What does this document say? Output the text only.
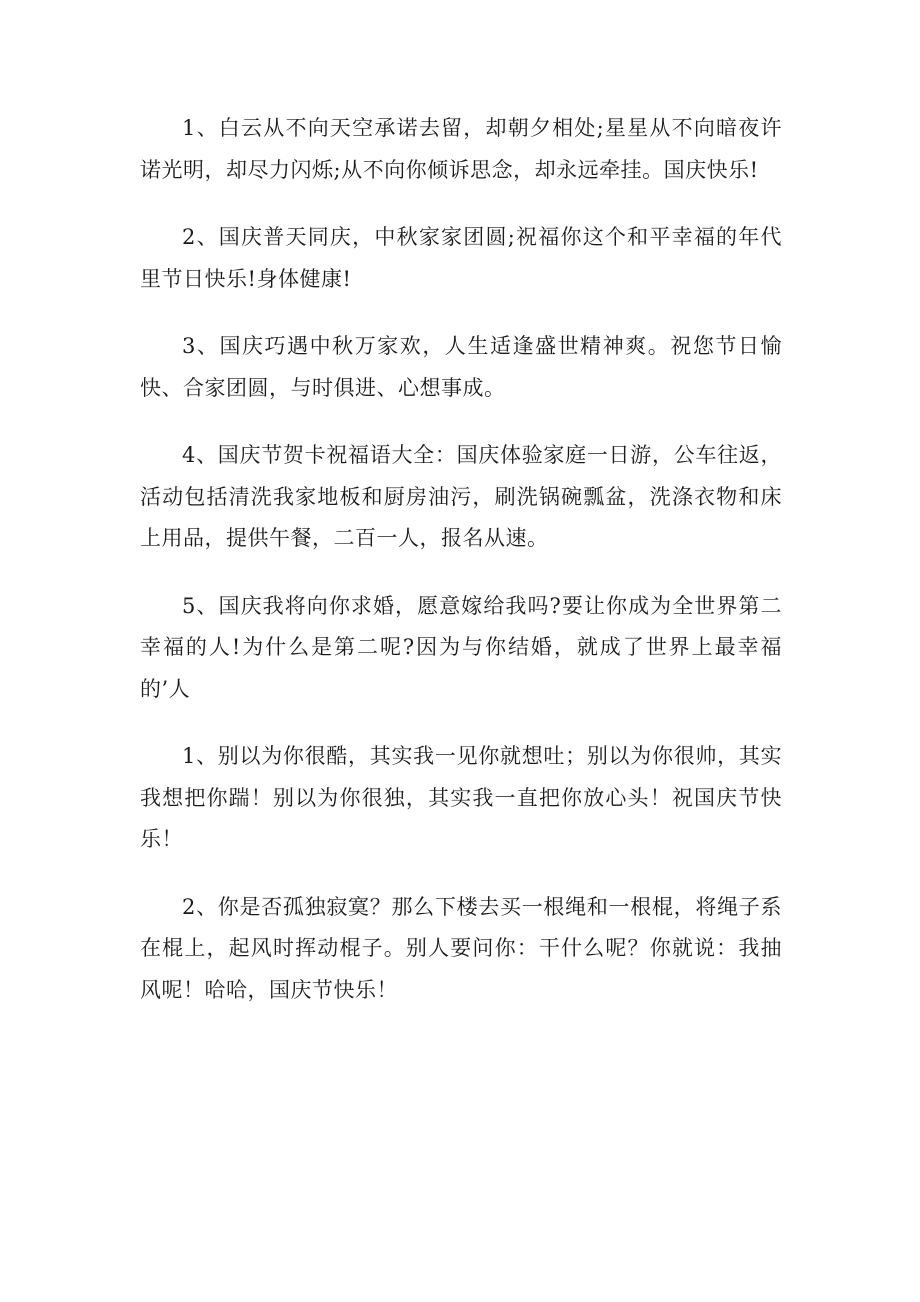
1、白云从不向天空承诺去留，却朝夕相处;星星从不向暗夜许诺光明，却尽力闪烁;从不向你倾诉思念，却永远牵挂。国庆快乐!

2、国庆普天同庆，中秋家家团圆;祝福你这个和平幸福的年代里节日快乐!身体健康!

3、国庆巧遇中秋万家欢，人生适逢盛世精神爽。祝您节日愉快、合家团圆，与时俱进、心想事成。

4、国庆节贺卡祝福语大全：国庆体验家庭一日游，公车往返，活动包括清洗我家地板和厨房油污，刷洗锅碗瓢盆，洗涤衣物和床上用品，提供午餐，二百一人，报名从速。

5、国庆我将向你求婚，愿意嫁给我吗?要让你成为全世界第二幸福的人!为什么是第二呢?因为与你结婚，就成了世界上最幸福的’人

1、别以为你很酷，其实我一见你就想吐；别以为你很帅，其实我想把你踹！别以为你很独，其实我一直把你放心头！祝国庆节快乐！

2、你是否孤独寂寞？那么下楼去买一根绳和一根棍，将绳子系在棍上，起风时挥动棍子。别人要问你：干什么呢？你就说：我抽风呢！哈哈，国庆节快乐！
